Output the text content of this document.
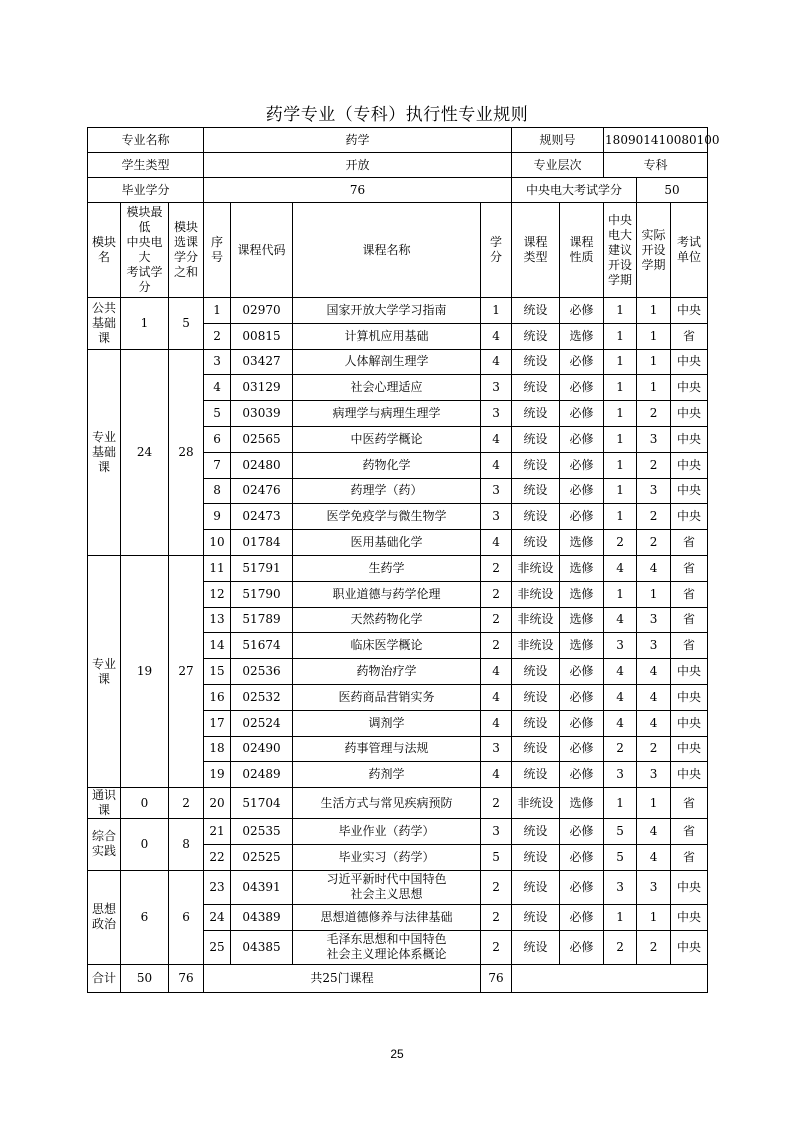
药学专业（专科）执行性专业规则
专业名称			药学				规则号		180901410080100		
学生类型			开放				专业层次		专科		
毕业学分			76				中央电大考试学分			50	
模块
名	模块最低
中央电大
考试学分	模块
选课
学分
之和	序
号	课程代码	课程名称	学
分	课程
类型	课程
性质	中央
电大
建议
开设
学期	实际
开设
学期	考试
单位
公共
基础
课	1	5	1	02970	国家开放大学学习指南	1	统设	必修	1	1	中央
			2	00815	计算机应用基础	4	统设	选修	1	1	省
专业
基础
课	24	28	3	03427	人体解剖生理学	4	统设	必修	1	1	中央
			4	03129	社会心理适应	3	统设	必修	1	1	中央
			5	03039	病理学与病理生理学	3	统设	必修	1	2	中央
			6	02565	中医药学概论	4	统设	必修	1	3	中央
			7	02480	药物化学	4	统设	必修	1	2	中央
			8	02476	药理学（药）	3	统设	必修	1	3	中央
			9	02473	医学免疫学与微生物学	3	统设	必修	1	2	中央
			10	01784	医用基础化学	4	统设	选修	2	2	省
专业
课	19	27	11	51791	生药学	2	非统设	选修	4	4	省
			12	51790	职业道德与药学伦理	2	非统设	选修	1	1	省
			13	51789	天然药物化学	2	非统设	选修	4	3	省
			14	51674	临床医学概论	2	非统设	选修	3	3	省
			15	02536	药物治疗学	4	统设	必修	4	4	中央
			16	02532	医药商品营销实务	4	统设	必修	4	4	中央
			17	02524	调剂学	4	统设	必修	4	4	中央
			18	02490	药事管理与法规	3	统设	必修	2	2	中央
			19	02489	药剂学	4	统设	必修	3	3	中央
通识
课	0	2	20	51704	生活方式与常见疾病预防	2	非统设	选修	1	1	省
综合
实践	0	8	21	02535	毕业作业（药学）	3	统设	必修	5	4	省
			22	02525	毕业实习（药学）	5	统设	必修	5	4	省
思想
政治	6	6	23	04391	习近平新时代中国特色
社会主义思想	2	统设	必修	3	3	中央
			24	04389	思想道德修养与法律基础	2	统设	必修	1	1	中央
			25	04385	毛泽东思想和中国特色
社会主义理论体系概论	2	统设	必修	2	2	中央
合计	50	76	共25门课程			76					
25
